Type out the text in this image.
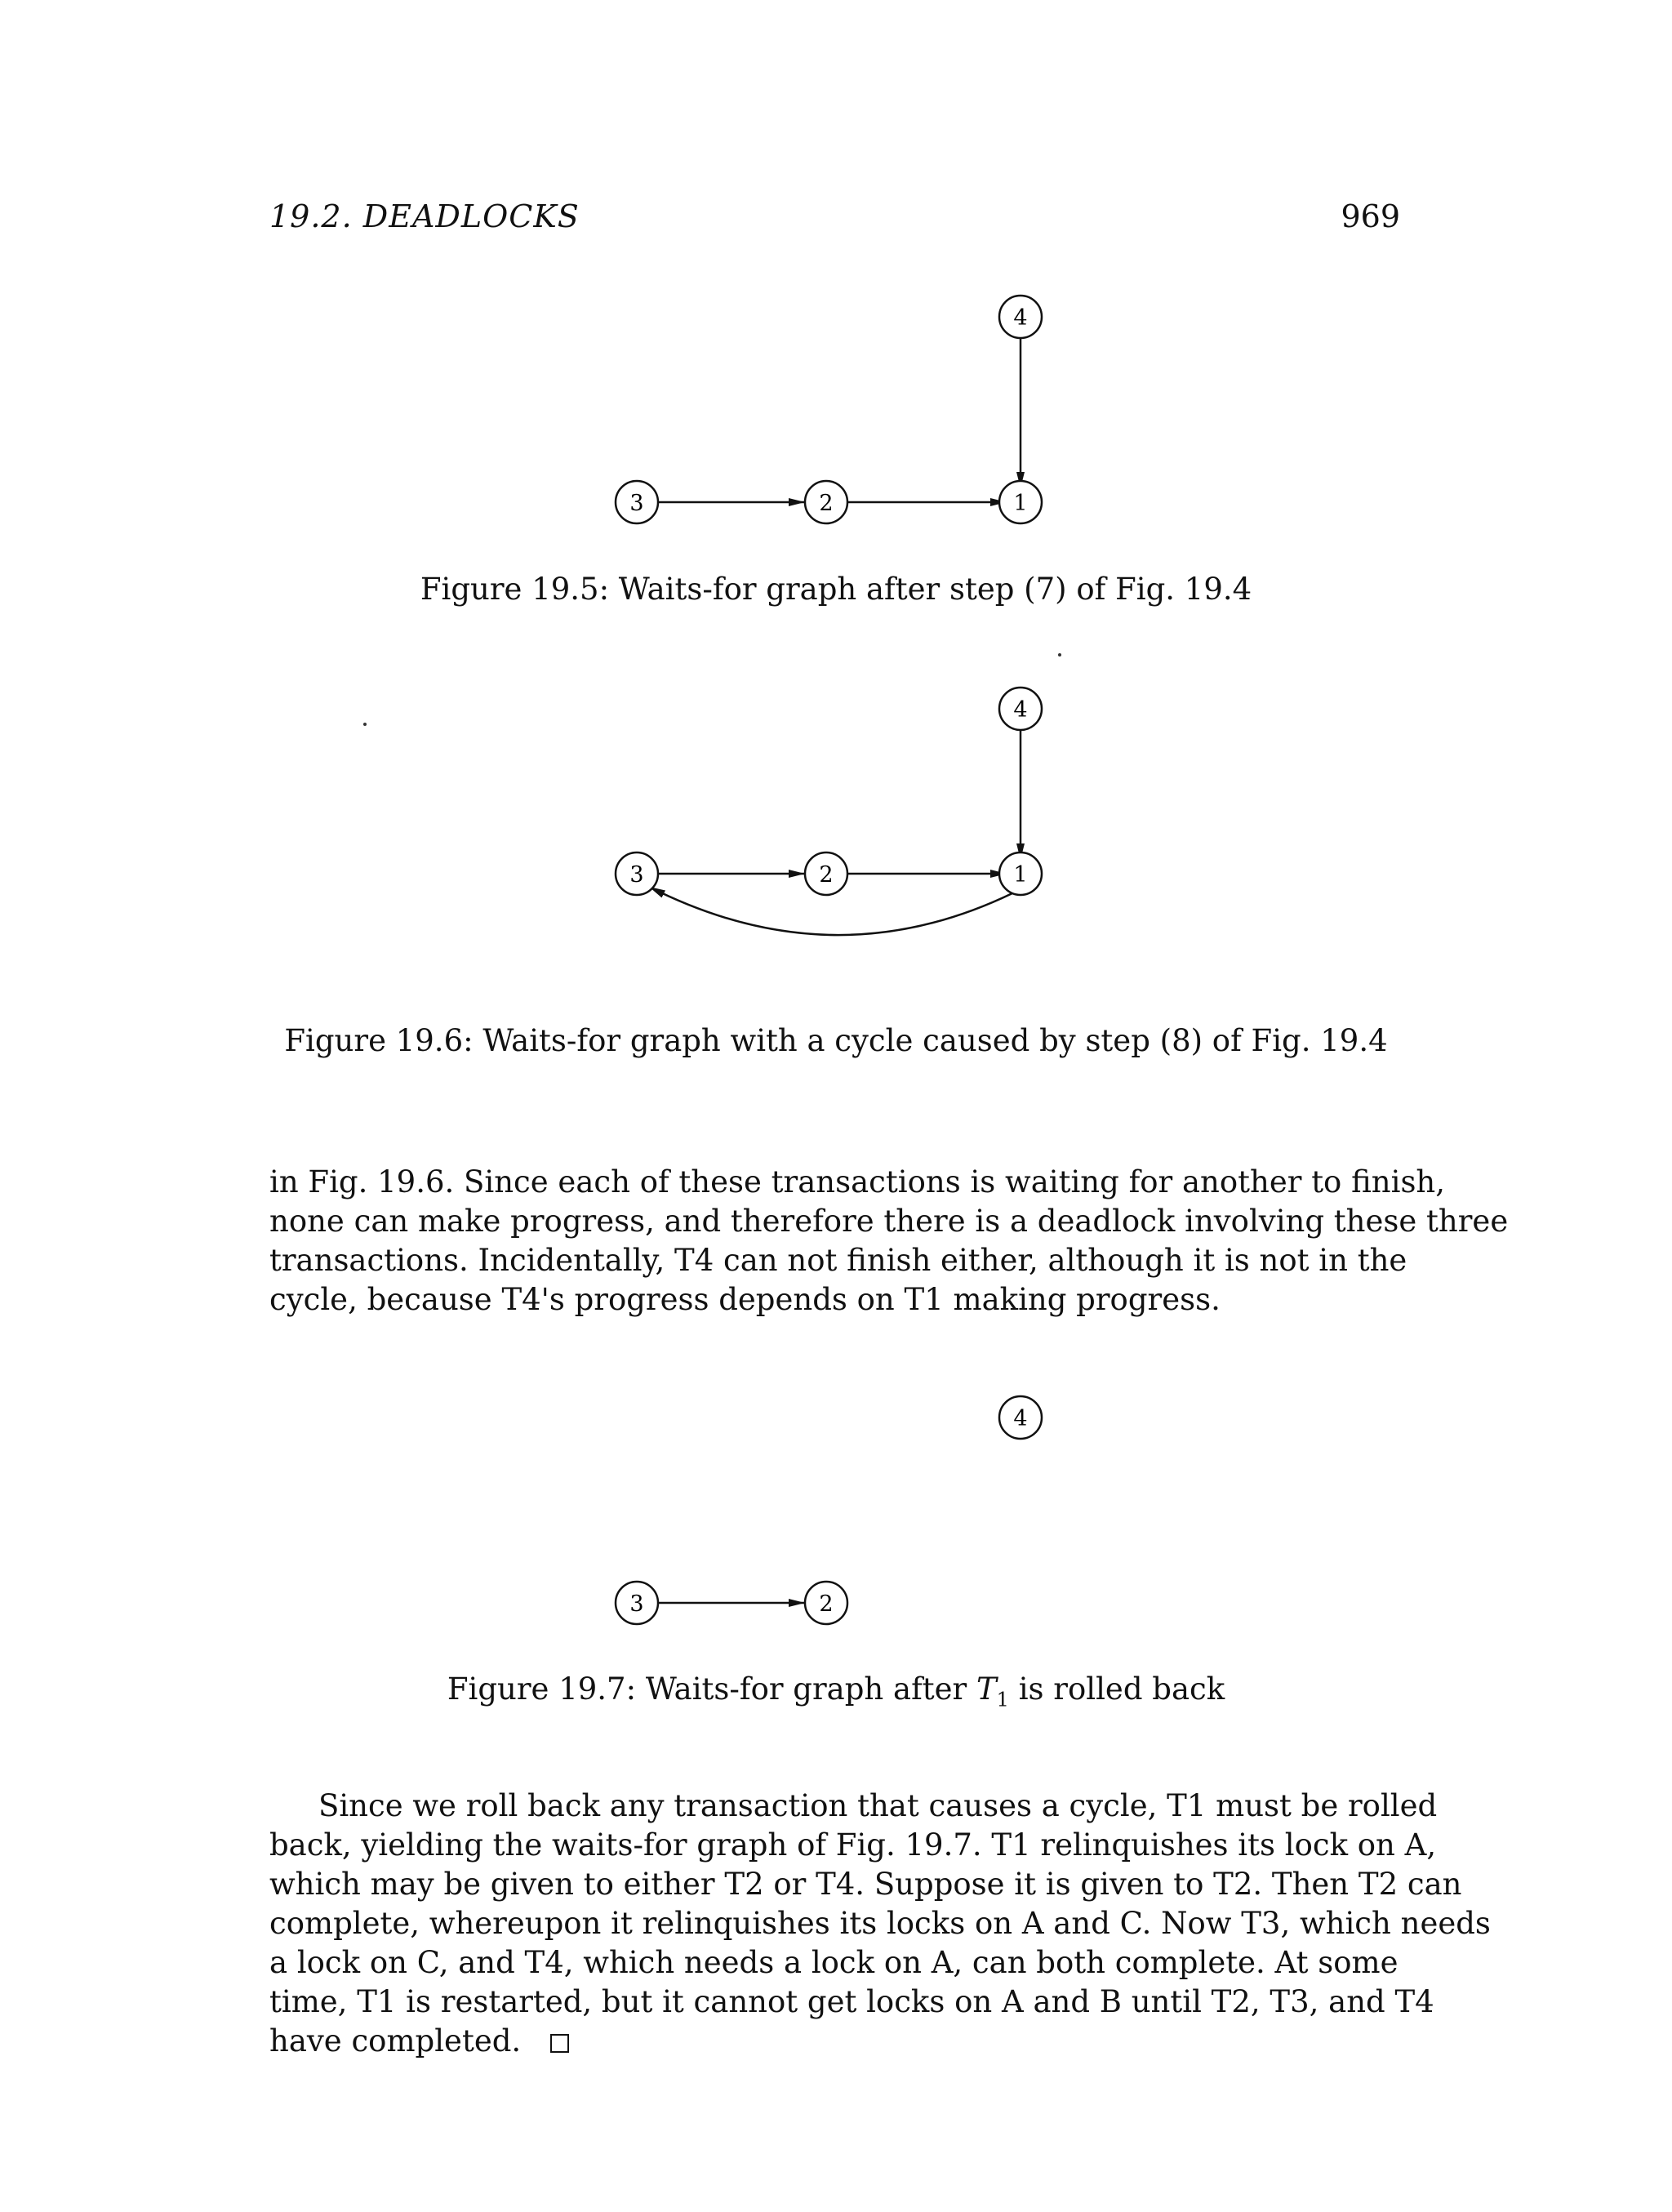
19.2. DEADLOCKS	969
4
3	2	1
Figure 19.5: Waits-for graph after step (7) of Fig. 19.4
4
3	2	1
Figure 19.6: Waits-for graph with a cycle caused by step (8) of Fig. 19.4
in Fig. 19.6. Since each of these transactions is waiting for another to finish,
none can make progress, and therefore there is a deadlock involving these three
transactions. Incidentally, T4 can not finish either, although it is not in the
cycle, because T4's progress depends on T1 making progress.
4
3	2
Figure 19.7: Waits-for graph after $T_1$ is rolled back
Since we roll back any transaction that causes a cycle, T1 must be rolled
back, yielding the waits-for graph of Fig. 19.7. T1 relinquishes its lock on A,
which may be given to either T2 or T4. Suppose it is given to T2. Then T2 can
complete, whereupon it relinquishes its locks on A and C. Now T3, which needs
a lock on C, and T4, which needs a lock on A, can both complete. At some
time, T1 is restarted, but it cannot get locks on A and B until T2, T3, and T4
have completed.
